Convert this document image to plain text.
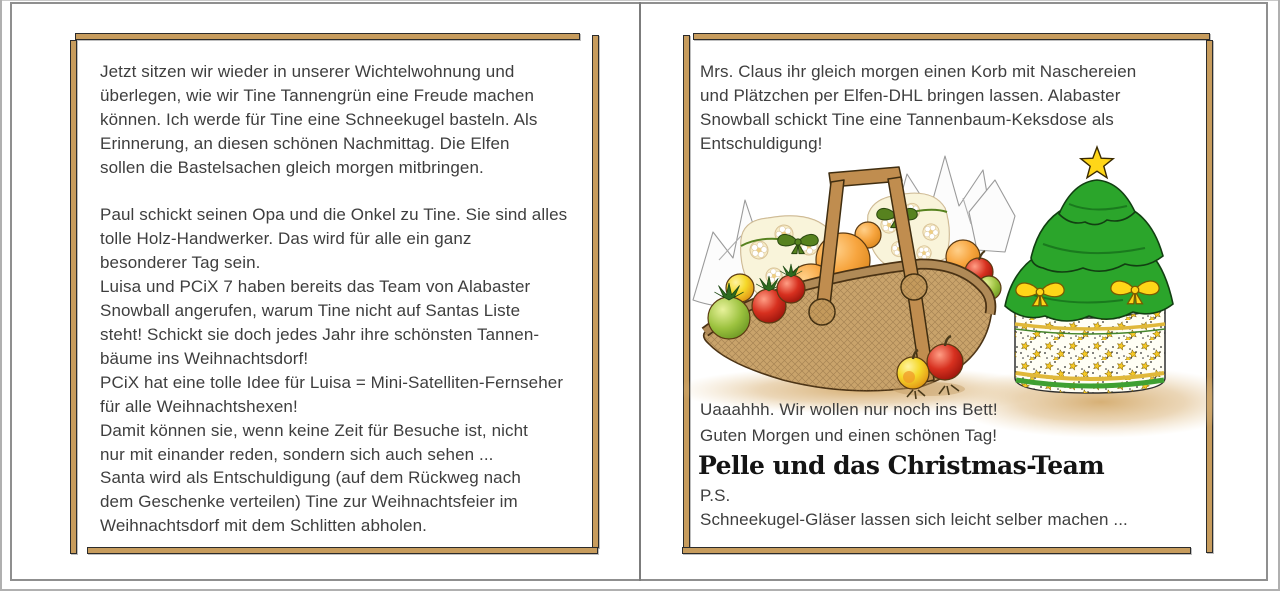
Jetzt sitzen wir wieder in unserer Wichtelwohnung und
überlegen, wie wir Tine Tannengrün eine Freude machen
können. Ich werde für Tine eine Schneekugel basteln. Als
Erinnerung, an diesen schönen Nachmittag. Die Elfen
sollen die Bastelsachen gleich morgen mitbringen.

Paul schickt seinen Opa und die Onkel zu Tine. Sie sind alles
tolle Holz-Handwerker. Das wird für alle ein ganz
besonderer Tag sein.
Luisa und PCiX 7 haben bereits das Team von Alabaster
Snowball angerufen, warum Tine nicht auf Santas Liste
steht! Schickt sie doch jedes Jahr ihre schönsten Tannen-
bäume ins Weihnachtsdorf!
PCiX hat eine tolle Idee für Luisa = Mini-Satelliten-Fernseher
für alle Weihnachtshexen!
Damit können sie, wenn keine Zeit für Besuche ist, nicht
nur mit einander reden, sondern sich auch sehen ...
Santa wird als Entschuldigung (auf dem Rückweg nach
dem Geschenke verteilen) Tine zur Weihnachtsfeier im
Weihnachtsdorf mit dem Schlitten abholen.
Mrs. Claus ihr gleich morgen einen Korb mit Naschereien
und Plätzchen per Elfen-DHL bringen lassen. Alabaster
Snowball schickt Tine eine Tannenbaum-Keksdose als
Entschuldigung!
Uaaahhh. Wir wollen nur noch ins Bett!
Guten Morgen und einen schönen Tag!
Pelle und das Christmas-Team
P.S.
Schneekugel-Gläser lassen sich leicht selber machen ...
